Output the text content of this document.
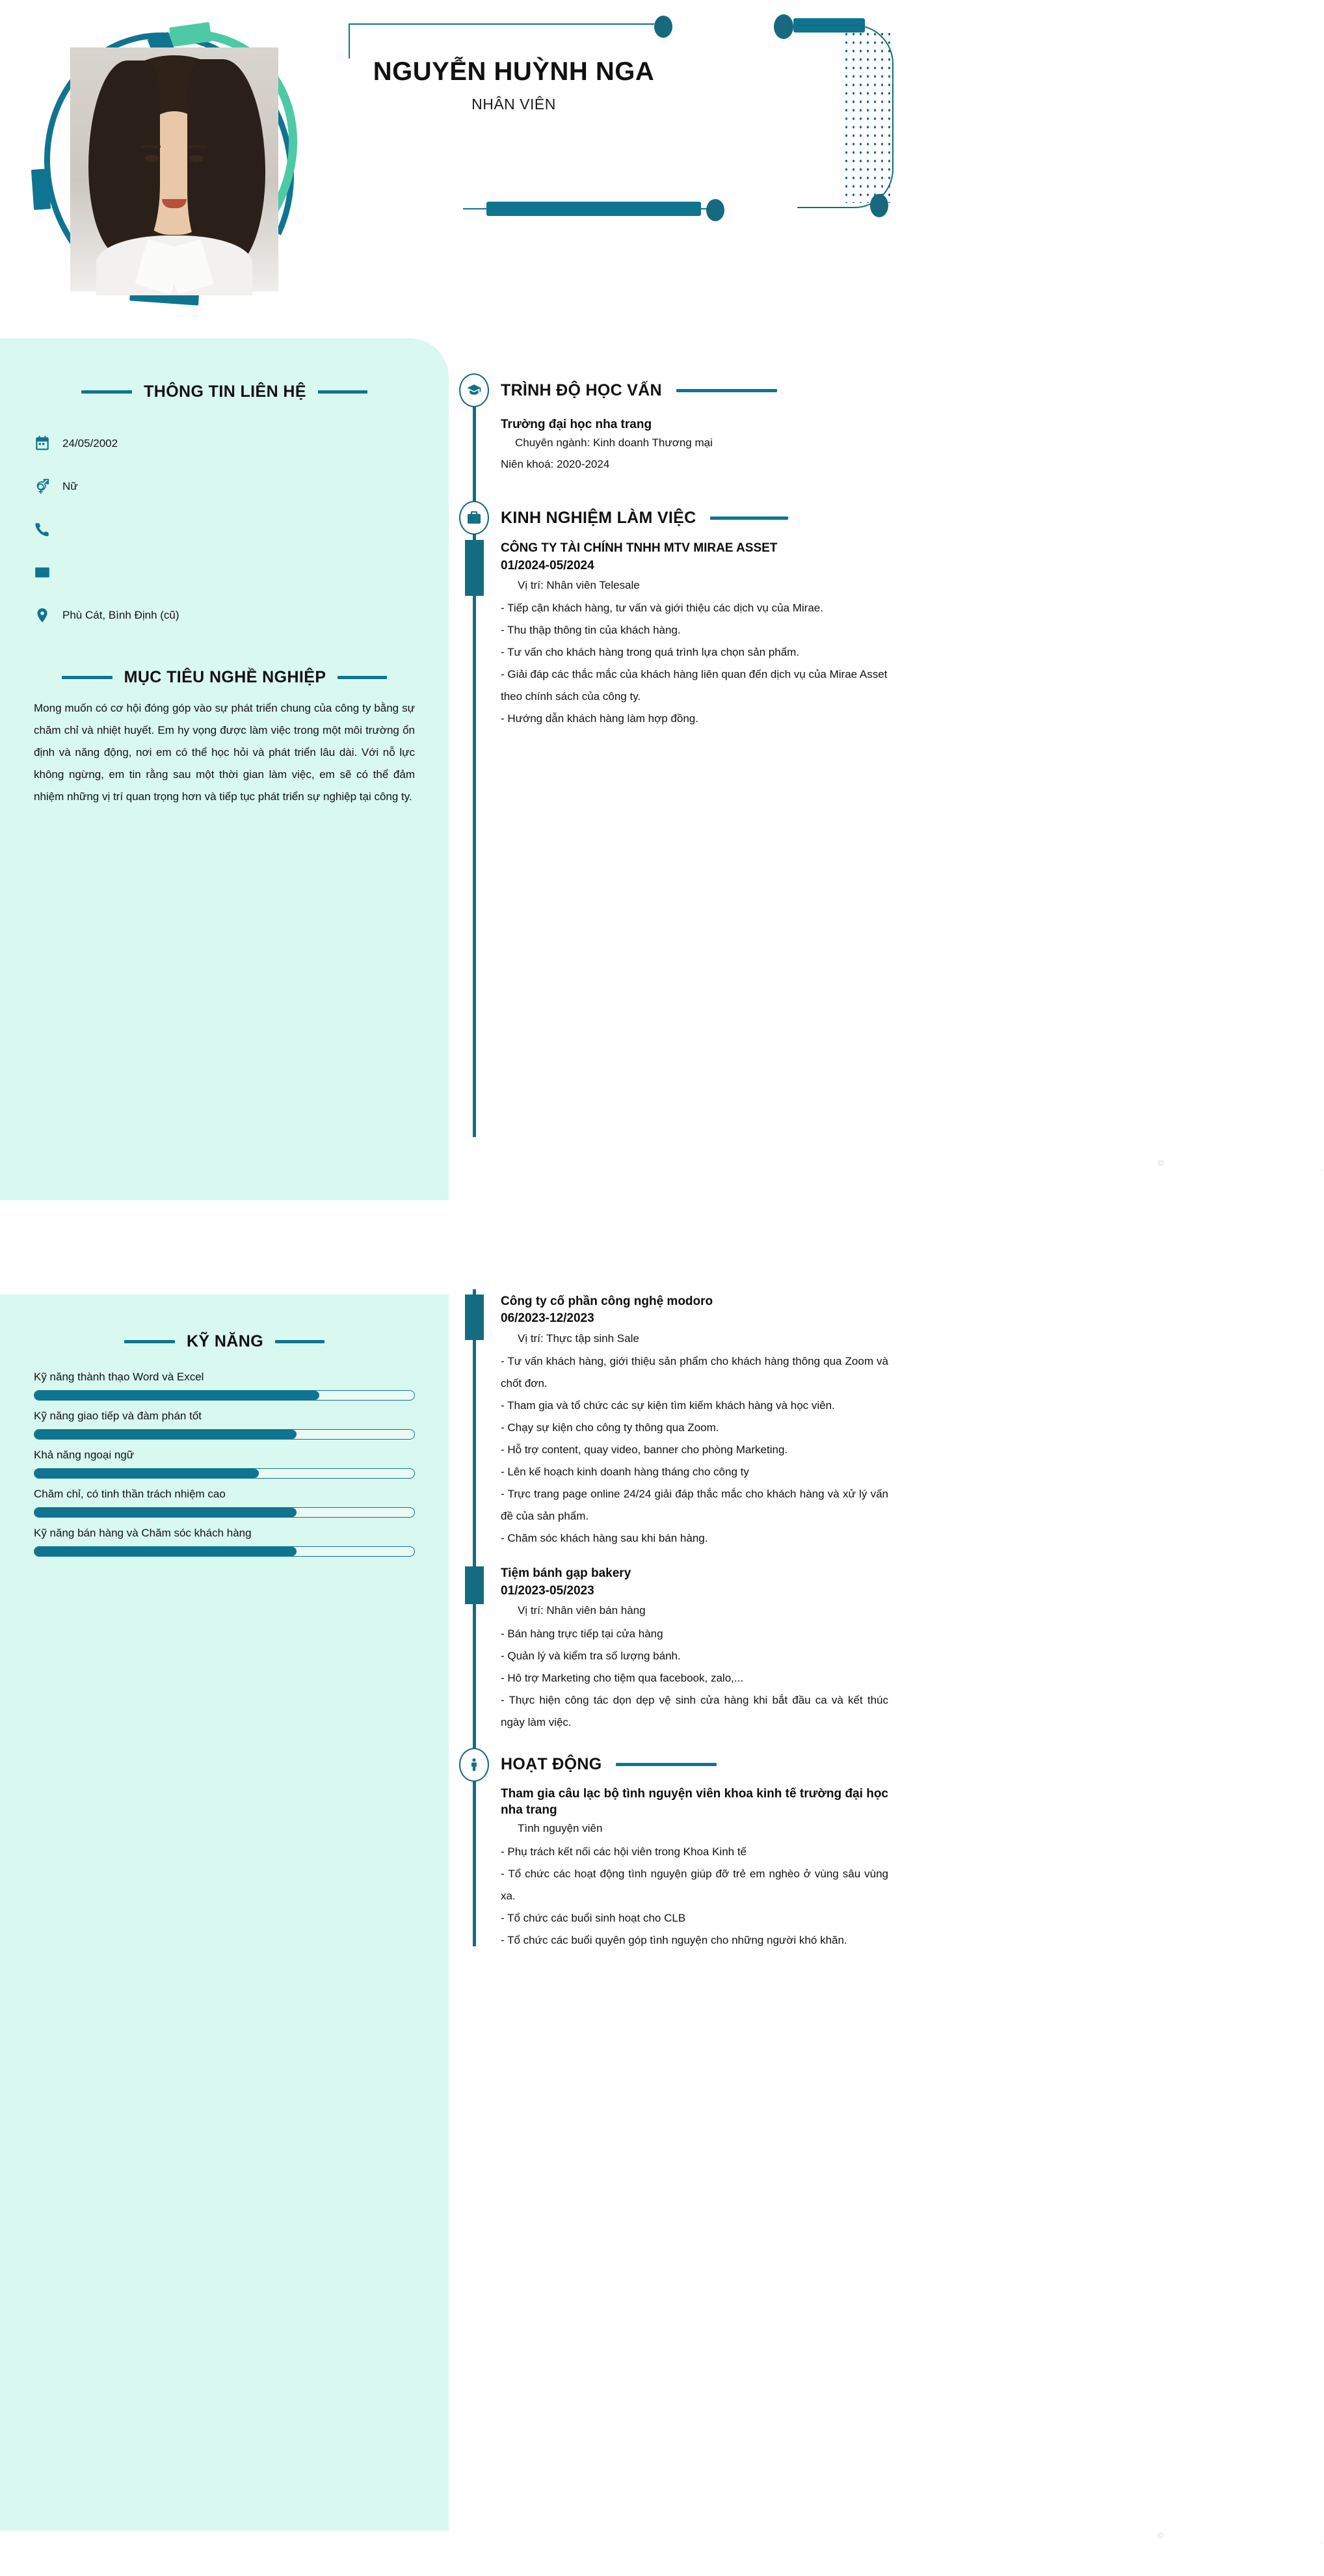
NGUYỄN HUỲNH NGA
NHÂN VIÊN
THÔNG TIN LIÊN HỆ
24/05/2002
Nữ
Phù Cát, Bình Định (cũ)
MỤC TIÊU NGHỀ NGHIỆP

Mong muốn có cơ hội đóng góp vào sự phát triển chung của công ty bằng sự chăm chỉ và nhiệt huyết. Em hy vọng được làm việc trong một môi trường ổn định và năng động, nơi em có thể học hỏi và phát triển lâu dài. Với nỗ lực không ngừng, em tin rằng sau một thời gian làm việc, em sẽ có thể đảm nhiệm những vị trí quan trọng hơn và tiếp tục phát triển sự nghiệp tại công ty.

TRÌNH ĐỘ HỌC VẤN
Trường đại học nha trang
Chuyên ngành: Kinh doanh Thương mại
Niên khoá: 2020-2024
KINH NGHIỆM LÀM VIỆC
CÔNG TY TÀI CHÍNH TNHH MTV MIRAE ASSET
01/2024-05/2024
Vị trí: Nhân viên Telesale
- Tiếp cận khách hàng, tư vấn và giới thiệu các dịch vụ của Mirae.
- Thu thập thông tin của khách hàng.
- Tư vấn cho khách hàng trong quá trình lựa chọn sản phẩm.
- Giải đáp các thắc mắc của khách hàng liên quan đến dịch vụ của Mirae Asset theo chính sách của công ty.
- Hướng dẫn khách hàng làm hợp đồng.
©
.
KỸ NĂNG
Kỹ năng thành thạo Word và Excel
Kỹ năng giao tiếp và đàm phán tốt
Khả năng ngoại ngữ
Chăm chỉ, có tinh thần trách nhiệm cao
Kỹ năng bán hàng và Chăm sóc khách hàng
Công ty cố phần công nghệ modoro
06/2023-12/2023
Vị trí: Thực tập sinh Sale
- Tư vấn khách hàng, giới thiệu sản phẩm cho khách hàng thông qua Zoom và chốt đơn.
- Tham gia và tổ chức các sự kiện tìm kiếm khách hàng và học viên.
- Chạy sự kiện cho công ty thông qua Zoom.
- Hỗ trợ content, quay video, banner cho phòng Marketing.
- Lên kế hoạch kinh doanh hàng tháng cho công ty
- Trực trang page online 24/24 giải đáp thắc mắc cho khách hàng và xử lý vấn đề của sản phẩm.
- Chăm sóc khách hàng sau khi bán hàng.
Tiệm bánh gạp bakery
01/2023-05/2023
Vị trí: Nhân viên bán hàng
- Bán hàng trực tiếp tại cửa hàng
- Quản lý và kiểm tra số lượng bánh.
- Hô trợ Marketing cho tiệm qua facebook, zalo,...
- Thực hiện công tác dọn dẹp vệ sinh cửa hàng khi bắt đầu ca và kết thúc ngày làm việc.
HOẠT ĐỘNG
Tham gia câu lạc bộ tình nguyện viên khoa kinh tế trường đại học nha trang
Tình nguyện viên
- Phụ trách kết nối các hội viên trong Khoa Kinh tế
- Tổ chức các hoạt động tình nguyện giúp đỡ trẻ em nghèo ở vùng sâu vùng xa.
- Tổ chức các buổi sinh hoạt cho CLB
- Tổ chức các buổi quyên góp tình nguyện cho những người khó khăn.
©
.
